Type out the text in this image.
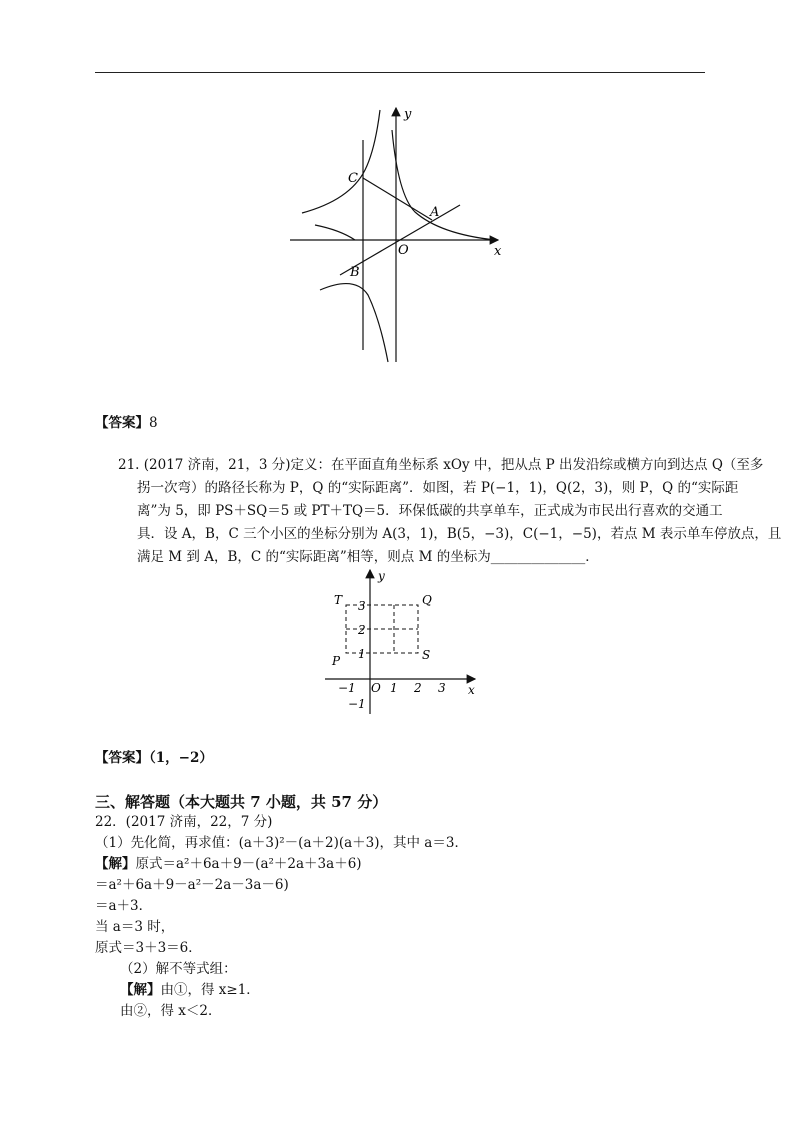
y
x
C
A
O
B
【答案】8
21. (2017 济南，21，3 分)定义：在平面直角坐标系 xOy 中，把从点 P 出发沿综或横方向到达点 Q（至多
拐一次弯）的路径长称为 P，Q 的“实际距离”．如图，若 P(−1，1)，Q(2，3)，则 P，Q 的“实际距
离”为 5，即 PS＋SQ＝5 或 PT＋TQ＝5．环保低碳的共享单车，正式成为市民出行喜欢的交通工
具．设 A，B，C 三个小区的坐标分别为 A(3，1)，B(5，−3)，C(−1，−5)，若点 M 表示单车停放点，且
满足 M 到 A，B，C 的“实际距离”相等，则点 M 的坐标为______________．
y
x
T	Q
P	S
O
3
2
1
−1	1 2 3
−1
【答案】（1，−2）
三、解答题（本大题共 7 小题，共 57 分）
22．(2017 济南，22，7 分)
（1）先化简，再求值：(a＋3)²－(a＋2)(a＋3)，其中 a＝3．
【解】原式＝a²＋6a＋9－(a²＋2a＋3a＋6)
＝a²＋6a＋9－a²－2a－3a－6)
＝a＋3．
当 a＝3 时，
原式＝3＋3＝6．
（2）解不等式组：
【解】由①，得 x≥1．
由②，得 x＜2．
